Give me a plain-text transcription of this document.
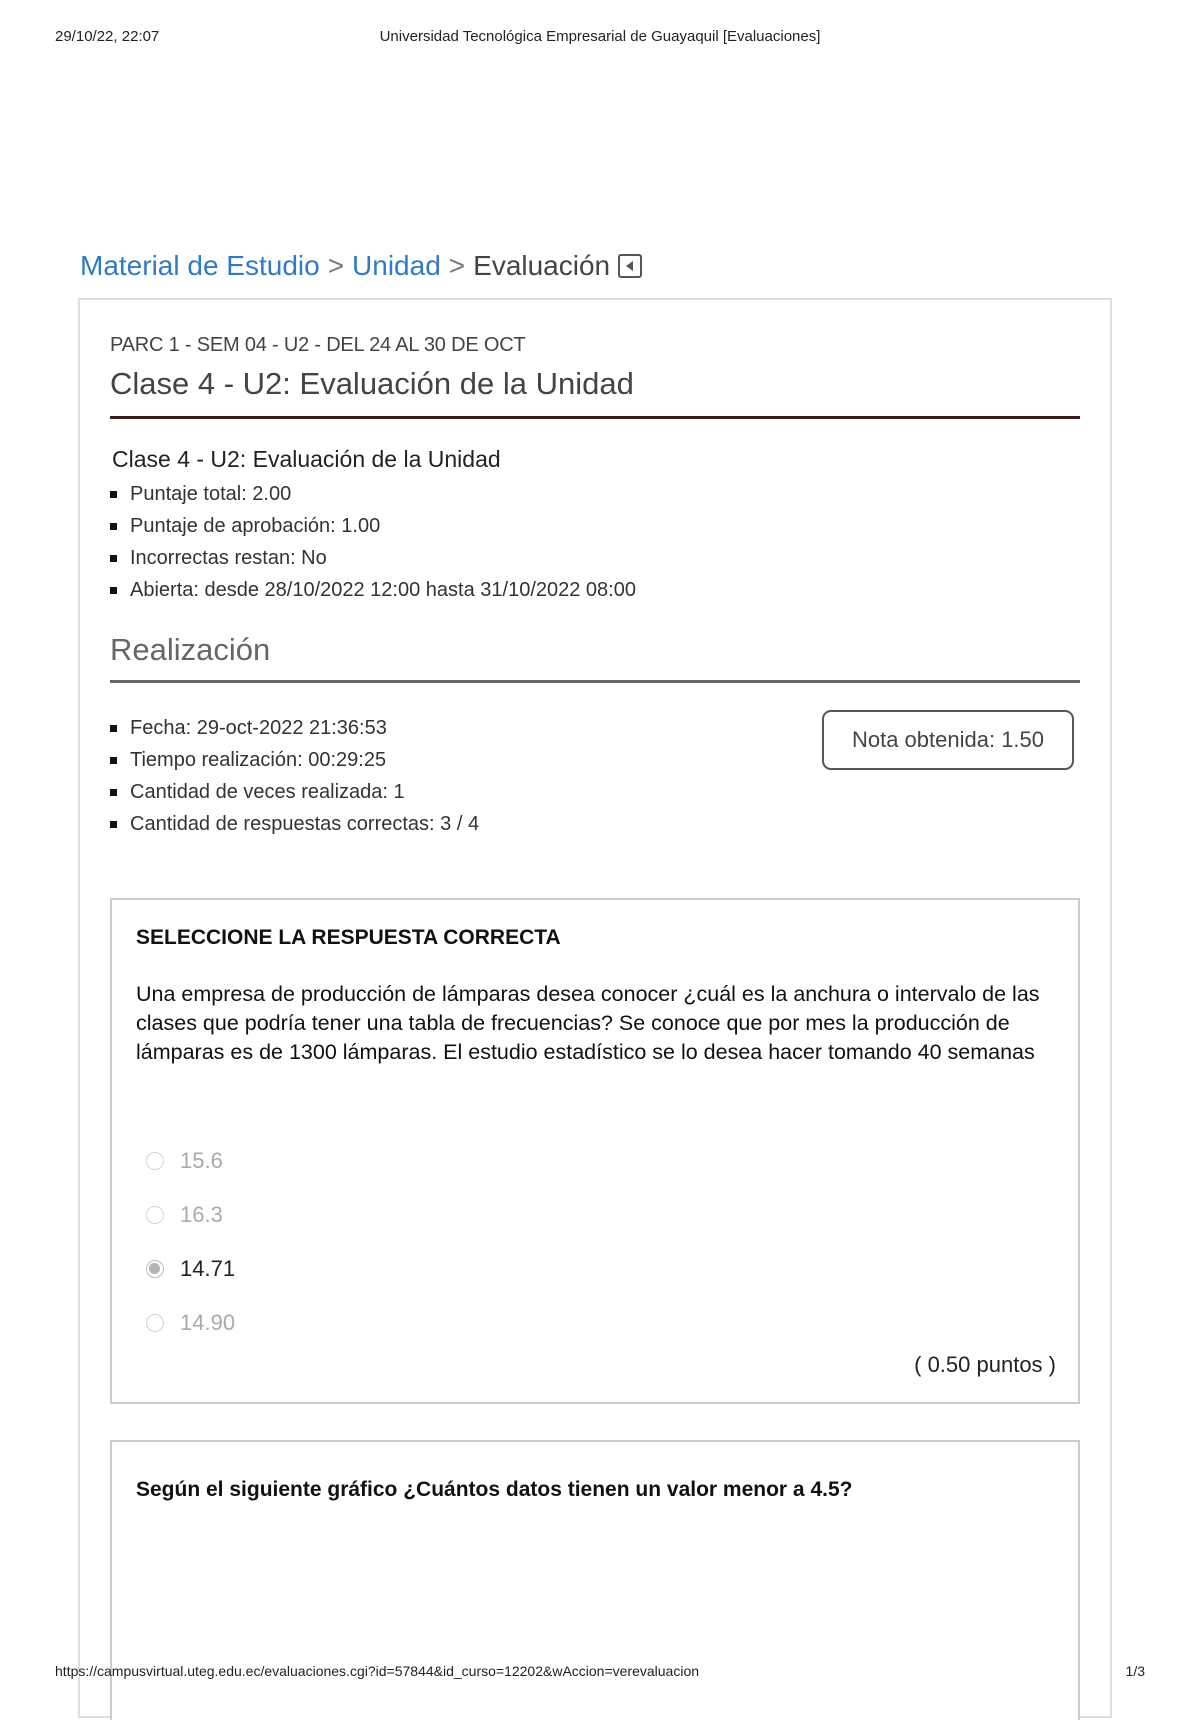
29/10/22, 22:07	Universidad Tecnológica Empresarial de Guayaquil [Evaluaciones]
Material de Estudio > Unidad > Evaluación
PARC 1 - SEM 04 - U2 - DEL 24 AL 30 DE OCT
Clase 4 - U2: Evaluación de la Unidad
Clase 4 - U2: Evaluación de la Unidad
Puntaje total: 2.00
Puntaje de aprobación: 1.00
Incorrectas restan: No
Abierta: desde 28/10/2022 12:00 hasta 31/10/2022 08:00
Realización
Fecha: 29-oct-2022 21:36:53
Tiempo realización: 00:29:25
Cantidad de veces realizada: 1
Cantidad de respuestas correctas: 3 / 4
Nota obtenida: 1.50
SELECCIONE LA RESPUESTA CORRECTA
Una empresa de producción de lámparas desea conocer ¿cuál es la anchura o intervalo de las clases que podría tener una tabla de frecuencias? Se conoce que por mes la producción de lámparas es de 1300 lámparas. El estudio estadístico se lo desea hacer tomando 40 semanas
15.6
16.3
14.71
14.90
( 0.50 puntos )
Según el siguiente gráfico ¿Cuántos datos tienen un valor menor a 4.5?
https://campusvirtual.uteg.edu.ec/evaluaciones.cgi?id=57844&id_curso=12202&wAccion=verevaluacion	1/3
